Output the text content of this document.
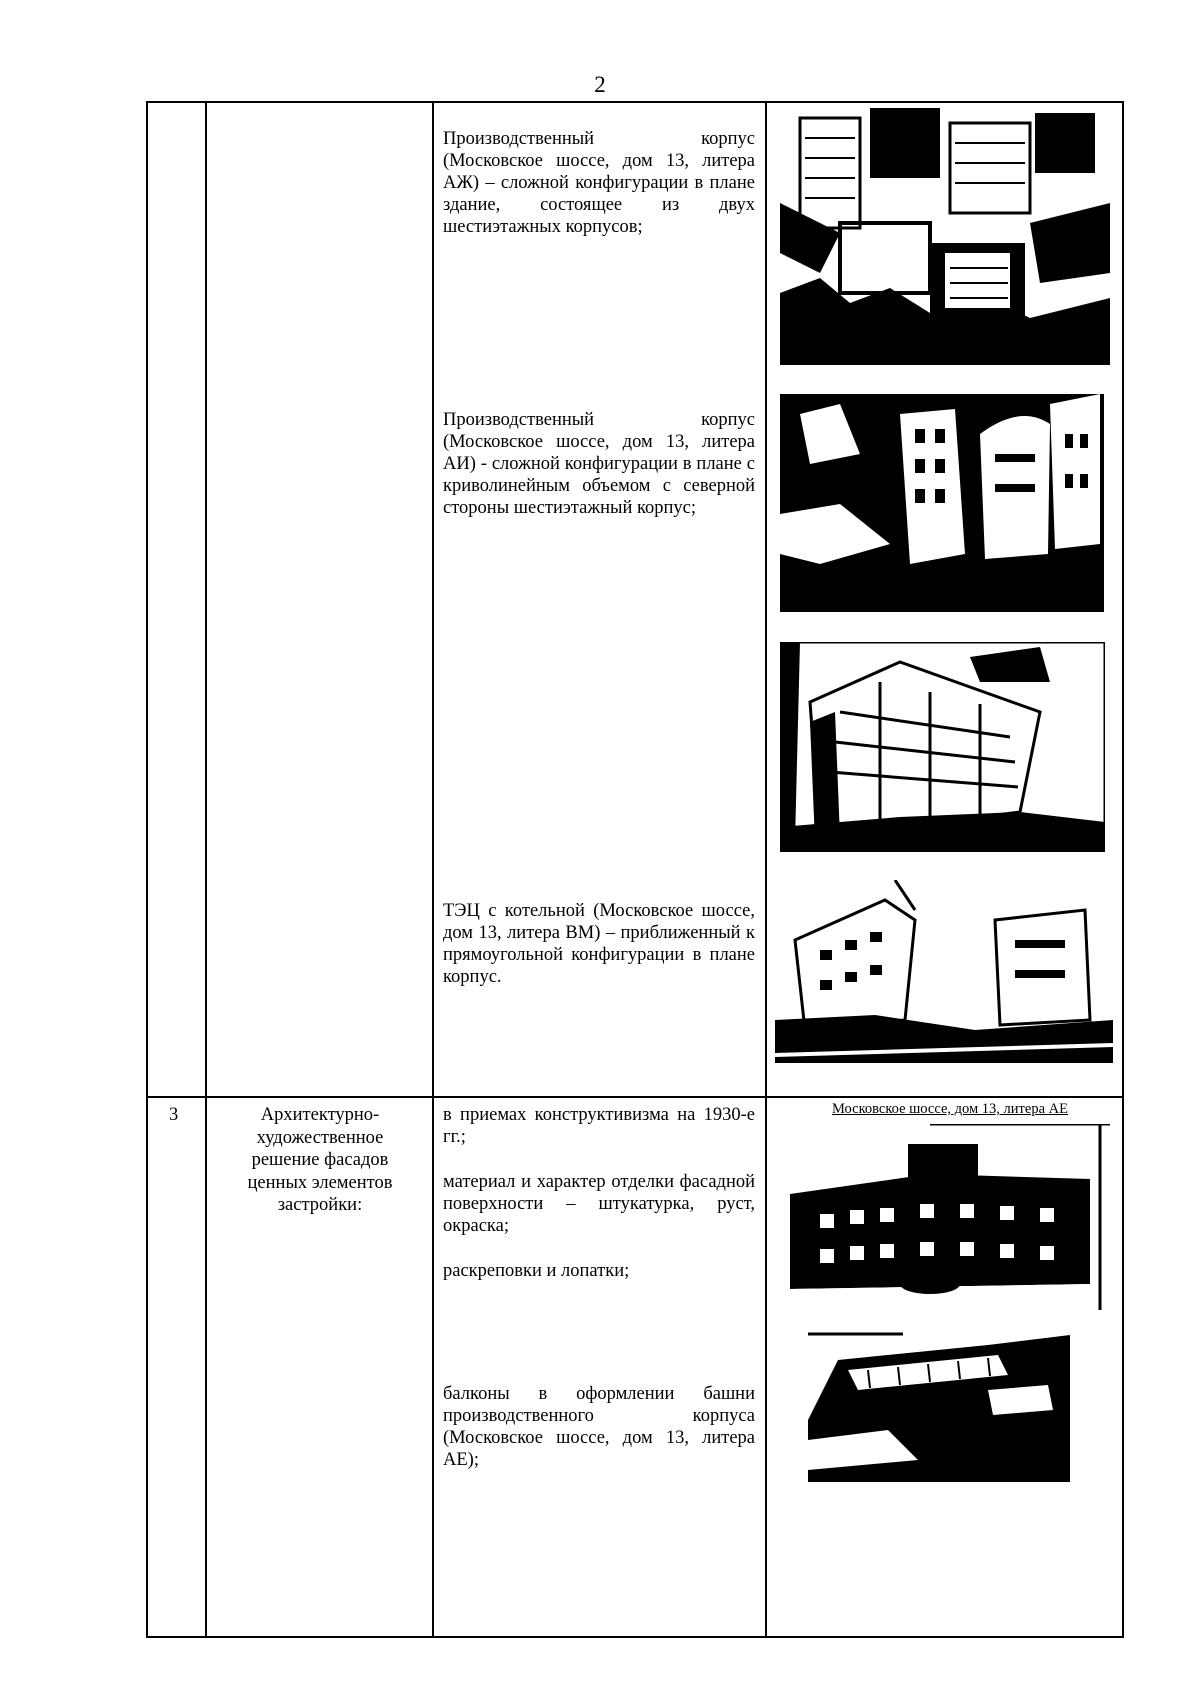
2
Производственный корпус (Московское шоссе, дом 13, литера АЖ) – сложной конфигурации в плане здание, состоящее из двух шестиэтажных корпусов;
Производственный корпус (Московское шоссе, дом 13, литера АИ) - сложной конфигурации в плане с криволинейным объемом с северной стороны шестиэтажный корпус;
ТЭЦ с котельной (Московское шоссе, дом 13, литера ВМ) – приближенный к прямоугольной конфигурации в плане корпус.
3	Архитектурно-художественное решение фасадов ценных элементов застройки:
в приемах конструктивизма на 1930-е гг.;
материал и характер отделки фасадной поверхности – штукатурка, руст, окраска;
раскреповки и лопатки;
балконы в оформлении башни производственного корпуса (Московское шоссе, дом 13, литера АЕ);
Московское шоссе, дом 13, литера АЕ
